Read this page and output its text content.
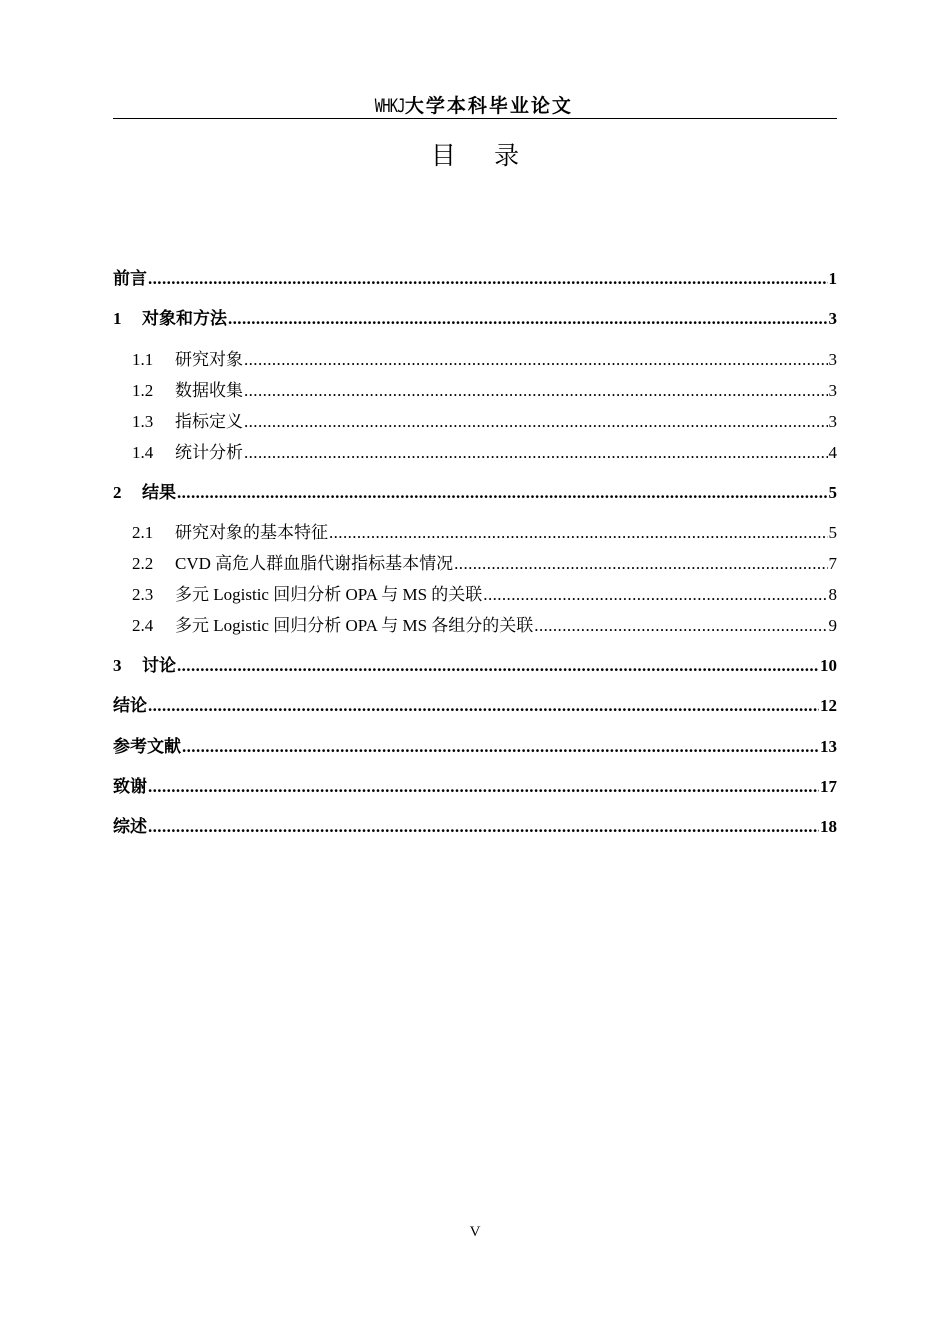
WHKJ大学本科毕业论文
目 录
前言 .....	1
1	对象和方法 .....	3
1.1	研究对象 .....	3
1.2	数据收集 .....	3
1.3	指标定义 .....	3
1.4	统计分析 .....	4
2	结果 .....	5
2.1	研究对象的基本特征 .....	5
2.2	CVD 高危人群血脂代谢指标基本情况 .....	7
2.3	多元 Logistic 回归分析 OPA 与 MS 的关联 .....	8
2.4	多元 Logistic 回归分析 OPA 与 MS 各组分的关联 .....	9
3	讨论 .....	10
结论 .....	12
参考文献 .....	13
致谢 .....	17
综述 .....	18
V
